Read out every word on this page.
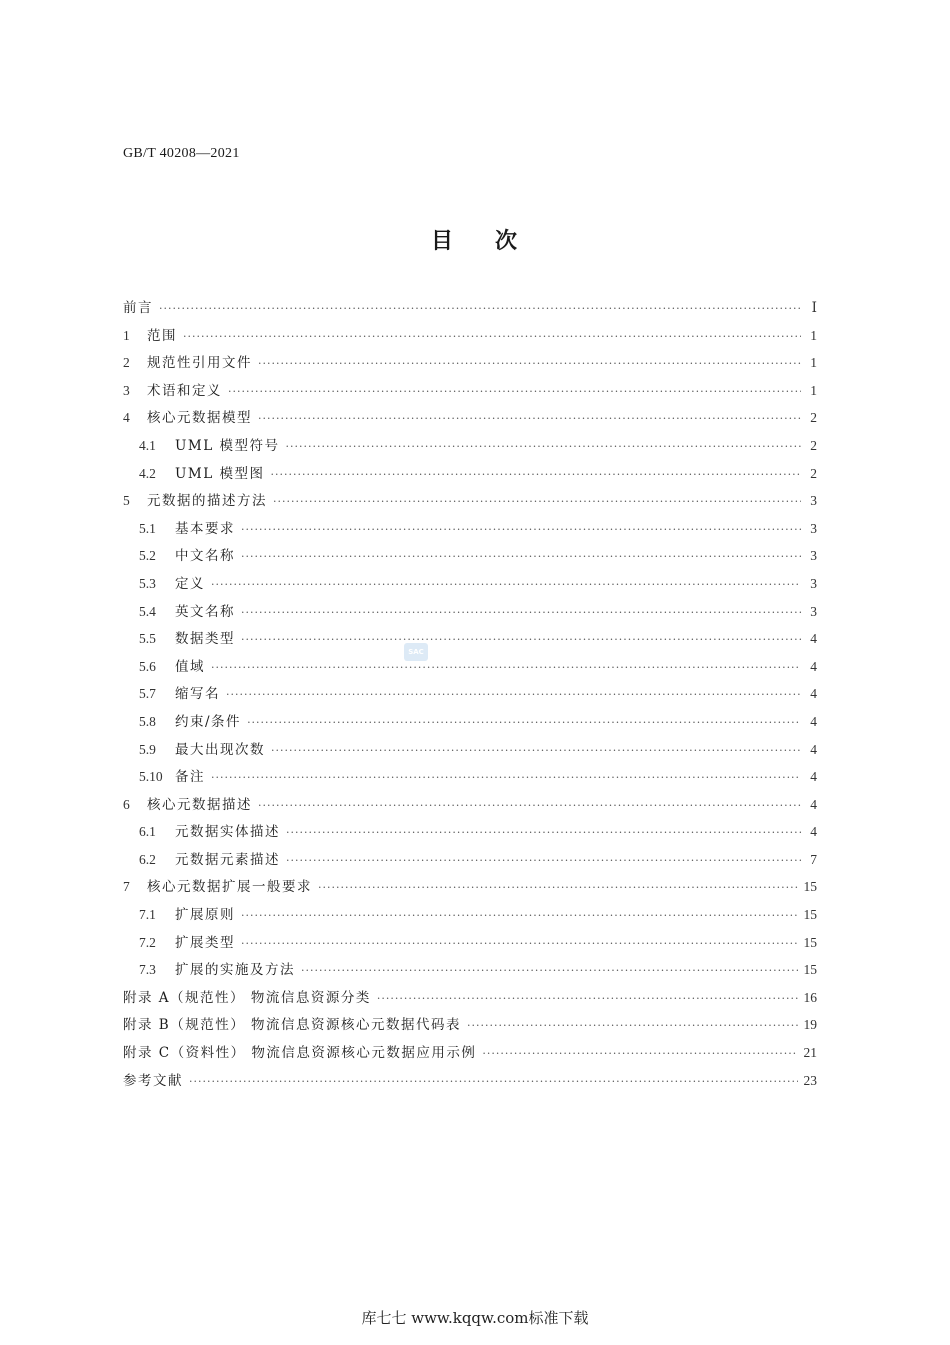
GB/T 40208—2021
目 次
前言 ·····	Ⅰ
1	范围 ·····	1
2	规范性引用文件 ·····	1
3	术语和定义 ·····	1
4	核心元数据模型 ·····	2
4.1	UML 模型符号 ·····	2
4.2	UML 模型图 ·····	2
5	元数据的描述方法 ·····	3
5.1	基本要求 ·····	3
5.2	中文名称 ·····	3
5.3	定义 ·····	3
5.4	英文名称 ·····	3
5.5	数据类型 ·····	4
5.6	值域 ·····	4
5.7	缩写名 ·····	4
5.8	约束/条件 ·····	4
5.9	最大出现次数 ·····	4
5.10 备注 ·····	4
6	核心元数据描述 ·····	4
6.1	元数据实体描述 ·····	4
6.2	元数据元素描述 ·····	7
7	核心元数据扩展一般要求 ·····	15
7.1	扩展原则 ·····	15
7.2	扩展类型 ·····	15
7.3	扩展的实施及方法 ·····	15
附录 A（规范性） 物流信息资源分类 ·····	16
附录 B（规范性） 物流信息资源核心元数据代码表 ·····	19
附录 C（资料性） 物流信息资源核心元数据应用示例 ·····	21
参考文献 ·····	23
SAC
库七七 www.kqqw.com标准下载
